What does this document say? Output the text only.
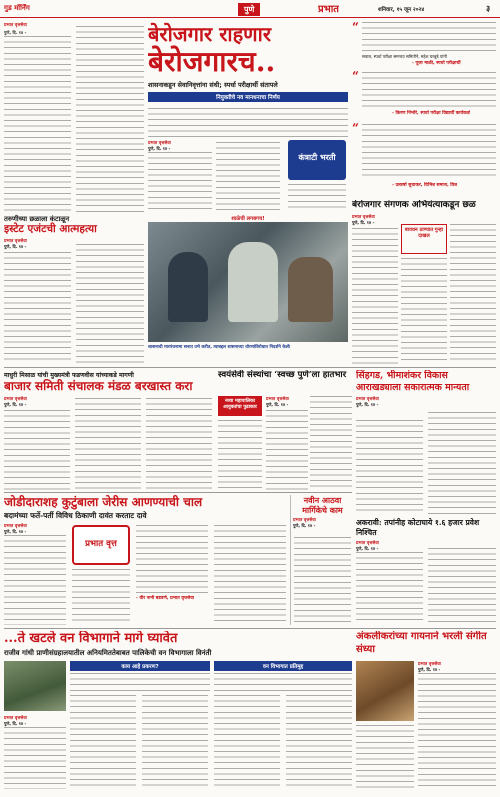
गुड मॉर्निंग	पुणे	प्रभात	शनिवार, १५ जून २०२४	३
प्रभात वृत्तसेवा
पुणे, दि. १४ -	बेरोजगार राहणार
बेरोजगारच..
शासनाकडून सेवानिवृत्तांना संधी; स्पर्धा परीक्षार्थी संतापले
नियुक्तीचे नव मानधनाचा निर्णय
“
सवाल, स्पर्धा परीक्षा समन्वय समितीने, महेश घरबुडे यांनी
- पूजा माळी, स्पर्धा परीक्षार्थी
“
- किरण निंभोरे, स्पर्धा परीक्षा विद्यार्थी कार्यकर्ता
“
- उत्कर्षा सुधाकर, विभिन्न समाज, विज
प्रभात वृत्तसेवा
पुणे, दि. १४ -
कंत्राटी भरती
तरुणीच्या छळाला कंटाळून
इस्टेट एजंटची आत्महत्या
प्रभात वृत्तसेवा
पुणे, दि. १४ -
शाळेची लगबगच!
शासनाची मारपंचनामा सनात उभे करीत, त्याबद्दल शासनाच्या धोरणांविरोधात निदर्शने केली
बेरोजगार संगणक अभियंत्याकडून छळ
प्रभात वृत्तसेवा
पुणे, दि. १४ -
बावधन ठाण्यात गुन्हा दाखल
माधुरी मिसाळ यांची मुख्यमंत्री फडणवीस यांच्याकडे मागणी
बाजार समिती संचालक मंडळ बरखास्त करा
प्रभात वृत्तसेवा
पुणे, दि. १४ -
स्वयंसेवी संस्थांचा ‘स्वच्छ पुणे’ला हातभार
नव्या महापालिका आयुक्तांचा पुढाकार
प्रभात वृत्तसेवा
पुणे, दि. १४ -
सिंहगड, भीमाशंकर विकास आराखड्याला सकारात्मक मान्यता
प्रभात वृत्तसेवा
पुणे, दि. १४ -
जोडीदाराशह कुटुंबाला जेरीस आणण्याची चाल
बदामंच्या फर्ते-पर्ती विविध ठिकाणी दावंत करताट दावे
प्रभात वृत्तसेवा
पुणे, दि. १४ -
प्रभात वृत्त
- वीर नानी बडवणे, प्रभात वृत्तसेवा
नवीन आठवा मार्गिकेचे काम
प्रभात वृत्तसेवा
पुणे, दि. १४ -	अकरावी: तपांनीह कोटाघाये १.६ हजार प्रवेश निश्चित
प्रभात वृत्तसेवा
पुणे, दि. १४ -
...ते खटले वन विभागाने मागे घ्यावेत
राजीव गांधी प्राणीसंग्रहालयातील अनियमिततेबाबत पालिकेची वन विभागाला विनंती
काय आहे प्रकरण?	वन विभागात प्रतिमुद्द
प्रभात वृत्तसेवा
पुणे, दि. १४ -
अंकलीकरांच्या गायनाने भरली संगीत संध्या
प्रभात वृत्तसेवा
पुणे, दि. १४ -
